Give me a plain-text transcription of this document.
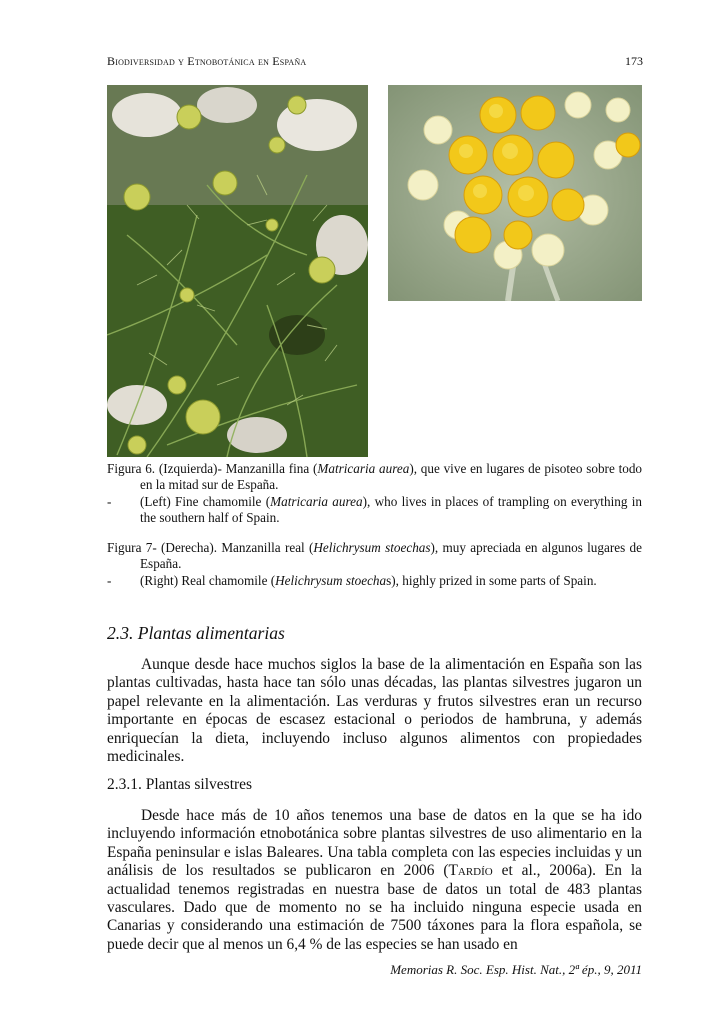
Biodiversidad y Etnobotánica en España	173
Figura 6. (Izquierda)- Manzanilla fina (Matricaria aurea), que vive en lugares de pisoteo sobre todo en la mitad sur de España.
- (Left) Fine chamomile (Matricaria aurea), who lives in places of trampling on everything in the southern half of Spain.
Figura 7- (Derecha). Manzanilla real (Helichrysum stoechas), muy apreciada en algunos lugares de España.
- (Right) Real chamomile (Helichrysum stoechas), highly prized in some parts of Spain.
2.3. Plantas alimentarias
Aunque desde hace muchos siglos la base de la alimentación en España son las plantas cultivadas, hasta hace tan sólo unas décadas, las plantas silvestres jugaron un papel relevante en la alimentación. Las verduras y frutos silvestres eran un recurso importante en épocas de escasez estacional o periodos de hambruna, y además enriquecían la dieta, incluyendo incluso algunos alimentos con propiedades medicinales.
2.3.1. Plantas silvestres
Desde hace más de 10 años tenemos una base de datos en la que se ha ido incluyendo información etnobotánica sobre plantas silvestres de uso alimentario en la España peninsular e islas Baleares. Una tabla completa con las especies incluidas y un análisis de los resultados se publicaron en 2006 (Tardío et al., 2006a). En la actualidad tenemos registradas en nuestra base de datos un total de 483 plantas vasculares. Dado que de momento no se ha incluido ninguna especie usada en Canarias y considerando una estimación de 7500 táxones para la flora española, se puede decir que al menos un 6,4 % de las especies se han usado en
Memorias R. Soc. Esp. Hist. Nat., 2ª ép., 9, 2011
